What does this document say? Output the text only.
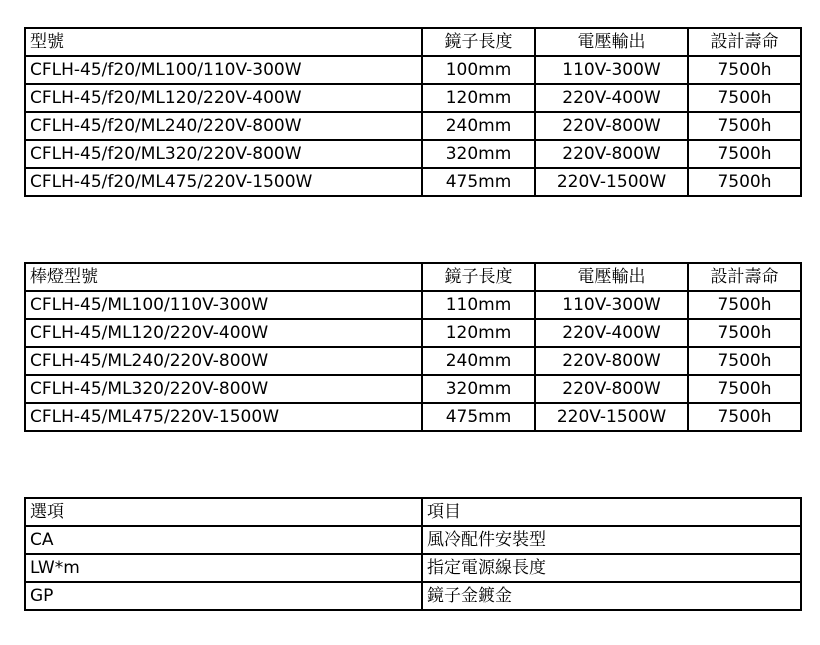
型號	鏡子長度	電壓輸出	設計壽命
CFLH-45/f20/ML100/110V-300W	100mm	110V-300W	7500h
CFLH-45/f20/ML120/220V-400W	120mm	220V-400W	7500h
CFLH-45/f20/ML240/220V-800W	240mm	220V-800W	7500h
CFLH-45/f20/ML320/220V-800W	320mm	220V-800W	7500h
CFLH-45/f20/ML475/220V-1500W	475mm	220V-1500W	7500h
棒燈型號	鏡子長度	電壓輸出	設計壽命
CFLH-45/ML100/110V-300W	110mm	110V-300W	7500h
CFLH-45/ML120/220V-400W	120mm	220V-400W	7500h
CFLH-45/ML240/220V-800W	240mm	220V-800W	7500h
CFLH-45/ML320/220V-800W	320mm	220V-800W	7500h
CFLH-45/ML475/220V-1500W	475mm	220V-1500W	7500h
選項	項目
CA	風冷配件安裝型
LW*m	指定電源線長度
GP	鏡子金鍍金
